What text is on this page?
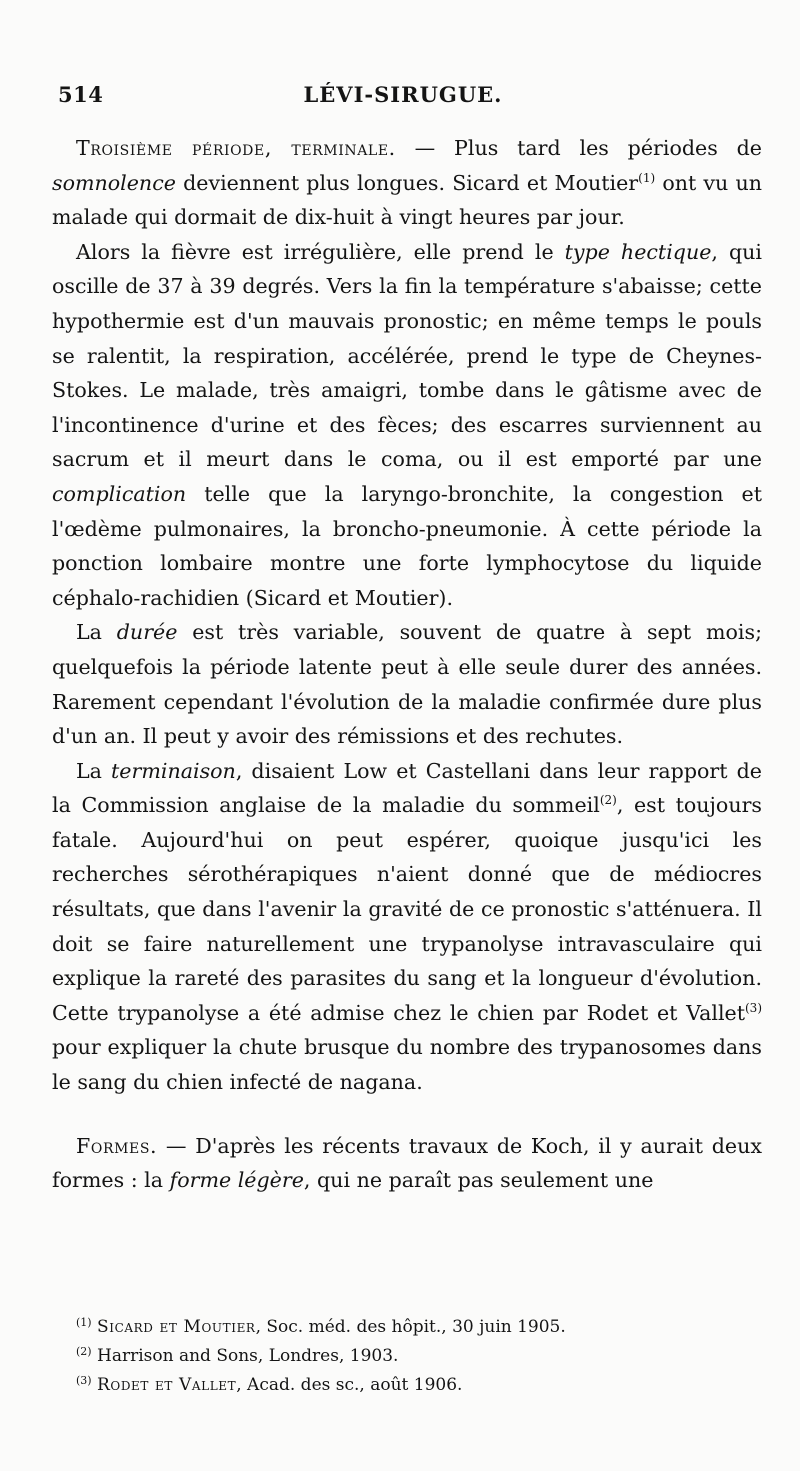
514	LÉVI-SIRUGUE.

Troisième période, terminale. — Plus tard les périodes de somnolence deviennent plus longues. Sicard et Moutier$^{(1)}$ ont vu un malade qui dormait de dix-huit à vingt heures par jour.

Alors la fièvre est irrégulière, elle prend le type hectique, qui oscille de 37 à 39 degrés. Vers la fin la température s'abaisse; cette hypothermie est d'un mauvais pronostic; en même temps le pouls se ralentit, la respiration, accélérée, prend le type de Cheynes-Stokes. Le malade, très amaigri, tombe dans le gâtisme avec de l'incontinence d'urine et des fèces; des escarres surviennent au sacrum et il meurt dans le coma, ou il est emporté par une complication telle que la laryngo-bronchite, la congestion et l'œdème pulmonaires, la broncho-pneumonie. À cette période la ponction lombaire montre une forte lymphocytose du liquide céphalo-rachidien (Sicard et Moutier).

La durée est très variable, souvent de quatre à sept mois; quelquefois la période latente peut à elle seule durer des années. Rarement cependant l'évolution de la maladie confirmée dure plus d'un an. Il peut y avoir des rémissions et des rechutes.

La terminaison, disaient Low et Castellani dans leur rapport de la Commission anglaise de la maladie du sommeil$^{(2)}$, est toujours fatale. Aujourd'hui on peut espérer, quoique jusqu'ici les recherches sérothérapiques n'aient donné que de médiocres résultats, que dans l'avenir la gravité de ce pronostic s'atténuera. Il doit se faire naturellement une trypanolyse intravasculaire qui explique la rareté des parasites du sang et la longueur d'évolution. Cette trypanolyse a été admise chez le chien par Rodet et Vallet$^{(3)}$ pour expliquer la chute brusque du nombre des trypanosomes dans le sang du chien infecté de nagana.

Formes. — D'après les récents travaux de Koch, il y aurait deux formes : la forme légère, qui ne paraît pas seulement une

$^{(1)}$ Sicard et Moutier, Soc. méd. des hôpit., 30 juin 1905.
$^{(2)}$ Harrison and Sons, Londres, 1903.
$^{(3)}$ Rodet et Vallet, Acad. des sc., août 1906.
